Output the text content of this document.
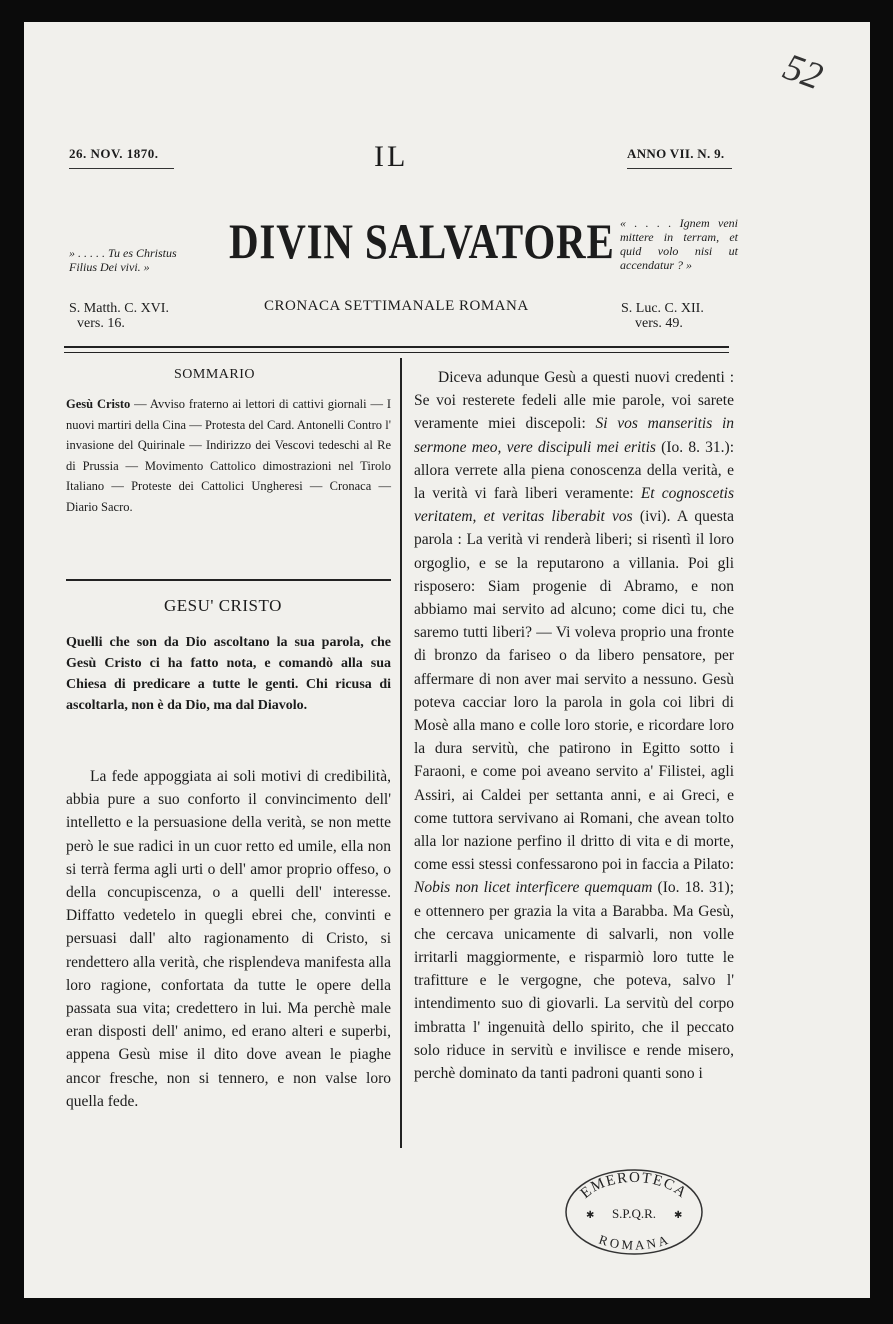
52
26. NOV. 1870.	ANNO VII. N. 9.
IL
DIVIN SALVATORE
» . . . . . Tu es Christus Filius Dei vivi. »
« . . . . Ignem veni mittere in terram, et quid volo nisi ut accendatur ? »
S. Matth. C. XVI.
vers. 16.
CRONACA SETTIMANALE ROMANA	S. Luc. C. XII.
vers. 49.
SOMMARIO
Gesù Cristo — Avviso fraterno ai lettori di cattivi giornali — I nuovi martiri della Cina — Protesta del Card. Antonelli Contro l' invasione del Quirinale — Indirizzo dei Vescovi tedeschi al Re di Prussia — Movimento Cattolico dimostrazioni nel Tirolo Italiano — Proteste dei Cattolici Ungheresi — Cronaca — Diario Sacro.
GESU' CRISTO
Quelli che son da Dio ascoltano la sua parola, che Gesù Cristo ci ha fatto nota, e comandò alla sua Chiesa di predicare a tutte le genti. Chi ricusa di ascoltarla, non è da Dio, ma dal Diavolo.
La fede appoggiata ai soli motivi di credibilità, abbia pure a suo conforto il convincimento dell' intelletto e la persuasione della verità, se non mette però le sue radici in un cuor retto ed umile, ella non si terrà ferma agli urti o dell' amor proprio offeso, o della concupiscenza, o a quelli dell' interesse. Diffatto vedetelo in quegli ebrei che, convinti e persuasi dall' alto ragionamento di Cristo, si rendettero alla verità, che risplendeva manifesta alla loro ragione, confortata da tutte le opere della passata sua vita; credettero in lui. Ma perchè male eran disposti dell' animo, ed erano alteri e superbi, appena Gesù mise il dito dove avean le piaghe ancor fresche, non si tennero, e non valse loro quella fede.
Diceva adunque Gesù a questi nuovi credenti : Se voi resterete fedeli alle mie parole, voi sarete veramente miei discepoli: Si vos manseritis in sermone meo, vere discipuli mei eritis (Io. 8. 31.): allora verrete alla piena conoscenza della verità, e la verità vi farà liberi veramente: Et cognoscetis veritatem, et veritas liberabit vos (ivi). A questa parola : La verità vi renderà liberi; si risentì il loro orgoglio, e se la reputarono a villania. Poi gli risposero: Siam progenie di Abramo, e non abbiamo mai servito ad alcuno; come dici tu, che saremo tutti liberi? — Vi voleva proprio una fronte di bronzo da fariseo o da libero pensatore, per affermare di non aver mai servito a nessuno. Gesù poteva cacciar loro la parola in gola coi libri di Mosè alla mano e colle loro storie, e ricordare loro la dura servitù, che patirono in Egitto sotto i Faraoni, e come poi aveano servito a' Filistei, agli Assiri, ai Caldei per settanta anni, e ai Greci, e come tuttora servivano ai Romani, che avean tolto alla lor nazione perfino il dritto di vita e di morte, come essi stessi confessarono poi in faccia a Pilato: Nobis non licet interficere quemquam (Io. 18. 31); e ottennero per grazia la vita a Barabba. Ma Gesù, che cercava unicamente di salvarli, non volle irritarli maggiormente, e risparmiò loro tutte le trafitture e le vergogne, che poteva, salvo l' intendimento suo di giovarli. La servitù del corpo imbratta l' ingenuità dello spirito, che il peccato solo riduce in servitù e invilisce e rende misero, perchè dominato da tanti padroni quanti sono i
EMEROTECA
S.P.Q.R.
✱	✱
ROMANA
